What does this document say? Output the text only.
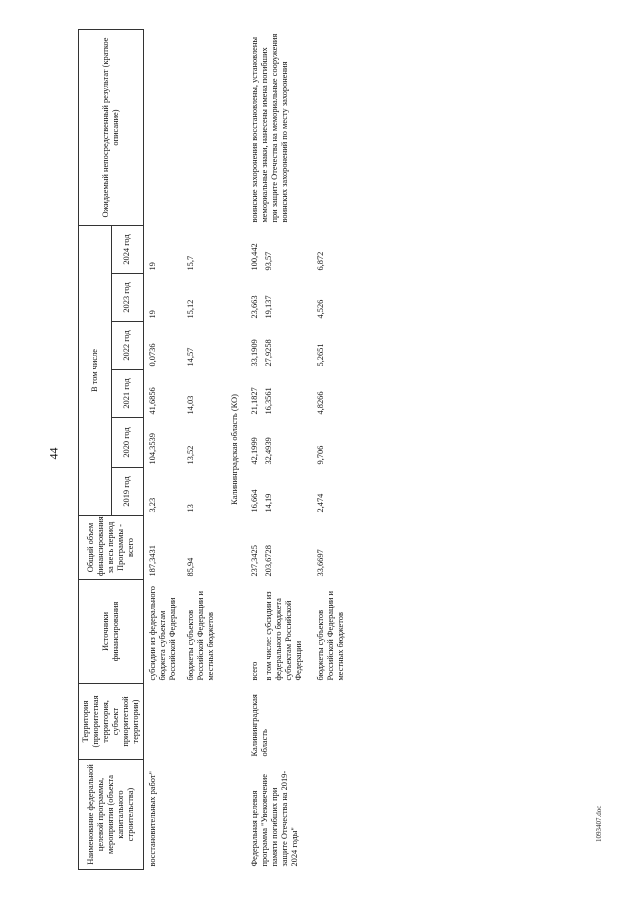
44
1093407.doc
Наименование федеральной целевой программы, мероприятия (объекта капитального строительства)	Территория (приоритетная территория, субъект приоритетной территории)	Источники финансирования	Общий объем финансирования за весь период Программы - всего	В том числе						Ожидаемый непосредственный результат (краткое описание)
				2019 год	2020 год	2021 год	2022 год	2023 год	2024 год	
восстановительных работ"		субсидии из федерального бюджета субъектам Российской Федерации	187,3431	3,23	104,3539	41,6856	0,0736	19	19	

		бюджеты субъектов Российской Федерации и местных бюджетов	85,94	13	13,52	14,03	14,57	15,12	15,7	
Калининградская область (КО)										
Федеральная целевая программа "Увековечение памяти погибших при защите Отечества на 2019-2024 годы"	Калининградская область	всего	237,3425	16,664	42,1999	21,1827	33,1909	23,663	100,442	воинские захоронения восстановлены, установлены мемориальные знаки, нанесены имена погибших при защите Отечества на мемориальные сооружения воинских захоронений по месту захоронения
		в том числе: субсидии из федерального бюджета субъектам Российской Федерации	203,6728	14,19	32,4939	16,3561	27,9258	19,137	93,57	
		бюджеты субъектов Российской Федерации и местных бюджетов	33,6697	2,474	9,706	4,8266	5,2651	4,526	6,872	
